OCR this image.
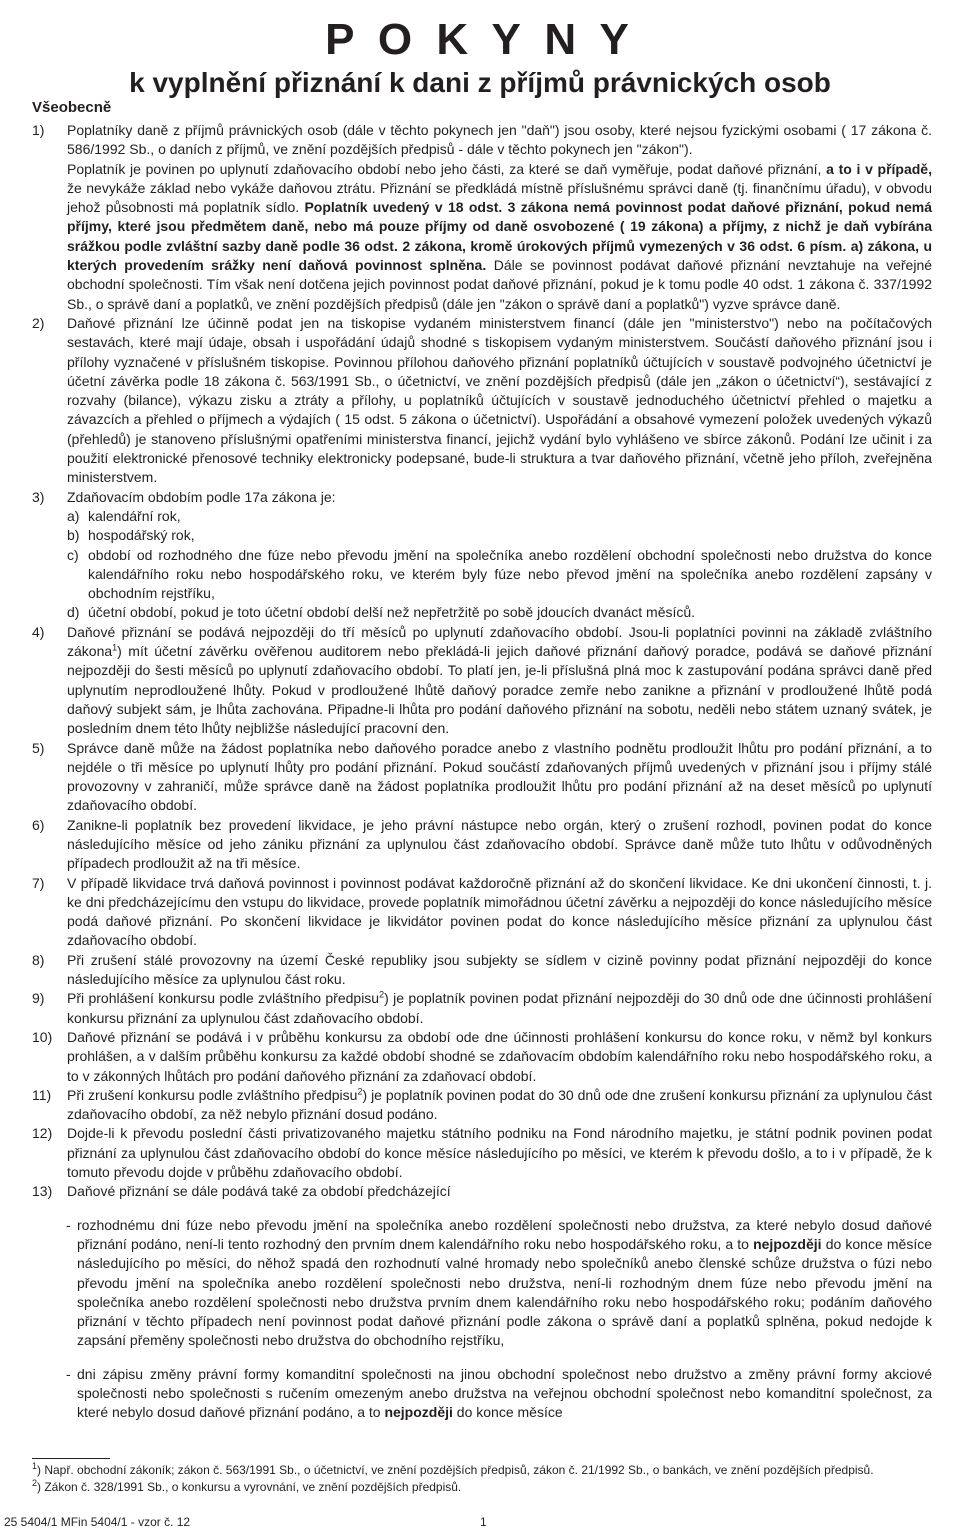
P O K Y N Y
k vyplnění přiznání k dani z příjmů právnických osob
Všeobecně
1) Poplatníky daně z příjmů právnických osob (dále v těchto pokynech jen "daň") jsou osoby, které nejsou fyzickými osobami ( 17 zákona č. 586/1992 Sb., o daních z příjmů, ve znění pozdějších předpisů - dále v těchto pokynech jen "zákon").

Poplatník je povinen po uplynutí zdaňovacího období nebo jeho části, za které se daň vyměřuje, podat daňové přiznání, a to i v případě, že nevykáže základ nebo vykáže daňovou ztrátu. Přiznání se předkládá místně příslušnému správci daně (tj. finančnímu úřadu), v obvodu jehož působnosti má poplatník sídlo. Poplatník uvedený v 18 odst. 3 zákona nemá povinnost podat daňové přiznání, pokud nemá příjmy, které jsou předmětem daně, nebo má pouze příjmy od daně osvobozené ( 19 zákona) a příjmy, z nichž je daň vybírána srážkou podle zvláštní sazby daně podle 36 odst. 2 zákona, kromě úrokových příjmů vymezených v 36 odst. 6 písm. a) zákona, u kterých provedením srážky není daňová povinnost splněna. Dále se povinnost podávat daňové přiznání nevztahuje na veřejné obchodní společnosti. Tím však není dotčena jejich povinnost podat daňové přiznání, pokud je k tomu podle 40 odst. 1 zákona č. 337/1992 Sb., o správě daní a poplatků, ve znění pozdějších předpisů (dále jen "zákon o správě daní a poplatků") vyzve správce daně.

2) Daňové přiznání lze účinně podat jen na tiskopise vydaném ministerstvem financí (dále jen "ministerstvo") nebo na počítačových sestavách, které mají údaje, obsah i uspořádání údajů shodné s tiskopisem vydaným ministerstvem. Součástí daňového přiznání jsou i přílohy vyznačené v příslušném tiskopise. Povinnou přílohou daňového přiznání poplatníků účtujících v soustavě podvojného účetnictví je účetní závěrka podle 18 zákona č. 563/1991 Sb., o účetnictví, ve znění pozdějších předpisů (dále jen „zákon o účetnictví“), sestávající z rozvahy (bilance), výkazu zisku a ztráty a přílohy, u poplatníků účtujících v soustavě jednoduchého účetnictví přehled o majetku a závazcích a přehled o příjmech a výdajích ( 15 odst. 5 zákona o účetnictví). Uspořádání a obsahové vymezení položek uvedených výkazů (přehledů) je stanoveno příslušnými opatřeními ministerstva financí, jejichž vydání bylo vyhlášeno ve sbírce zákonů. Podání lze učinit i za použití elektronické přenosové techniky elektronicky podepsané, bude-li struktura a tvar daňového přiznání, včetně jeho příloh, zveřejněna ministerstvem.

3) Zdaňovacím obdobím podle 17a zákona je:

a) kalendářní rok,
b) hospodářský rok,
c) období od rozhodného dne fúze nebo převodu jmění na společníka anebo rozdělení obchodní společnosti nebo družstva do konce kalendářního roku nebo hospodářského roku, ve kterém byly fúze nebo převod jmění na společníka anebo rozdělení zapsány v obchodním rejstříku,
d) účetní období, pokud je toto účetní období delší než nepřetržitě po sobě jdoucích dvanáct měsíců.
4) Daňové přiznání se podává nejpozději do tří měsíců po uplynutí zdaňovacího období. Jsou-li poplatníci povinni na základě zvláštního zákona$^1$) mít účetní závěrku ověřenou auditorem nebo překládá-li jejich daňové přiznání daňový poradce, podává se daňové přiznání nejpozději do šesti měsíců po uplynutí zdaňovacího období. To platí jen, je-li příslušná plná moc k zastupování podána správci daně před uplynutím neprodloužené lhůty. Pokud v prodloužené lhůtě daňový poradce zemře nebo zanikne a přiznání v prodloužené lhůtě podá daňový subjekt sám, je lhůta zachována. Připadne-li lhůta pro podání daňového přiznání na sobotu, neděli nebo státem uznaný svátek, je posledním dnem této lhůty nejbližše následující pracovní den.

5) Správce daně může na žádost poplatníka nebo daňového poradce anebo z vlastního podnětu prodloužit lhůtu pro podání přiznání, a to nejdéle o tři měsíce po uplynutí lhůty pro podání přiznání. Pokud součástí zdaňovaných příjmů uvedených v přiznání jsou i příjmy stálé provozovny v zahraničí, může správce daně na žádost poplatníka prodloužit lhůtu pro podání přiznání až na deset měsíců po uplynutí zdaňovacího období.

6) Zanikne-li poplatník bez provedení likvidace, je jeho právní nástupce nebo orgán, který o zrušení rozhodl, povinen podat do konce následujícího měsíce od jeho zániku přiznání za uplynulou část zdaňovacího období. Správce daně může tuto lhůtu v odůvodněných případech prodloužit až na tři měsíce.

7) V případě likvidace trvá daňová povinnost i povinnost podávat každoročně přiznání až do skončení likvidace. Ke dni ukončení činnosti, t. j. ke dni předcházejícímu den vstupu do likvidace, provede poplatník mimořádnou účetní závěrku a nejpozději do konce následujícího měsíce podá daňové přiznání. Po skončení likvidace je likvidátor povinen podat do konce následujícího měsíce přiznání za uplynulou část zdaňovacího období.

8) Při zrušení stálé provozovny na území České republiky jsou subjekty se sídlem v cizině povinny podat přiznání nejpozději do konce následujícího měsíce za uplynulou část roku.

9) Při prohlášení konkursu podle zvláštního předpisu$^2$) je poplatník povinen podat přiznání nejpozději do 30 dnů ode dne účinnosti prohlášení konkursu přiznání za uplynulou část zdaňovacího období.

10) Daňové přiznání se podává i v průběhu konkursu za období ode dne účinnosti prohlášení konkursu do konce roku, v němž byl konkurs prohlášen, a v dalším průběhu konkursu za každé období shodné se zdaňovacím obdobím kalendářního roku nebo hospodářského roku, a to v zákonných lhůtách pro podání daňového přiznání za zdaňovací období.

11) Při zrušení konkursu podle zvláštního předpisu$^2$) je poplatník povinen podat do 30 dnů ode dne zrušení konkursu přiznání za uplynulou část zdaňovacího období, za něž nebylo přiznání dosud podáno.

12) Dojde-li k převodu poslední části privatizovaného majetku státního podniku na Fond národního majetku, je státní podnik povinen podat přiznání za uplynulou část zdaňovacího období do konce měsíce následujícího po měsíci, ve kterém k převodu došlo, a to i v případě, že k tomuto převodu dojde v průběhu zdaňovacího období.

13) Daňové přiznání se dále podává také za období předcházející

- rozhodnému dni fúze nebo převodu jmění na společníka anebo rozdělení společnosti nebo družstva, za které nebylo dosud daňové přiznání podáno, není-li tento rozhodný den prvním dnem kalendářního roku nebo hospodářského roku, a to nejpozději do konce měsíce následujícího po měsíci, do něhož spadá den rozhodnutí valné hromady nebo společníků anebo členské schůze družstva o fúzi nebo převodu jmění na společníka anebo rozdělení společnosti nebo družstva, není-li rozhodným dnem fúze nebo převodu jmění na společníka anebo rozdělení společnosti nebo družstva prvním dnem kalendářního roku nebo hospodářského roku; podáním daňového přiznání v těchto případech není povinnost podat daňové přiznání podle zákona o správě daní a poplatků splněna, pokud nedojde k zapsání přeměny společnosti nebo družstva do obchodního rejstříku,

- dni zápisu změny právní formy komanditní společnosti na jinou obchodní společnost nebo družstvo a změny právní formy akciové společnosti nebo společnosti s ručením omezeným anebo družstva na veřejnou obchodní společnost nebo komanditní společnost, za které nebylo dosud daňové přiznání podáno, a to nejpozději do konce měsíce

$^1$) Např. obchodní zákoník; zákon č. 563/1991 Sb., o účetnictví, ve znění pozdějších předpisů, zákon č. 21/1992 Sb., o bankách, ve znění pozdějších předpisů.
$^2$) Zákon č. 328/1991 Sb., o konkursu a vyrovnání, ve znění pozdějších předpisů.
25 5404/1 MFin 5404/1 - vzor č. 12	1
